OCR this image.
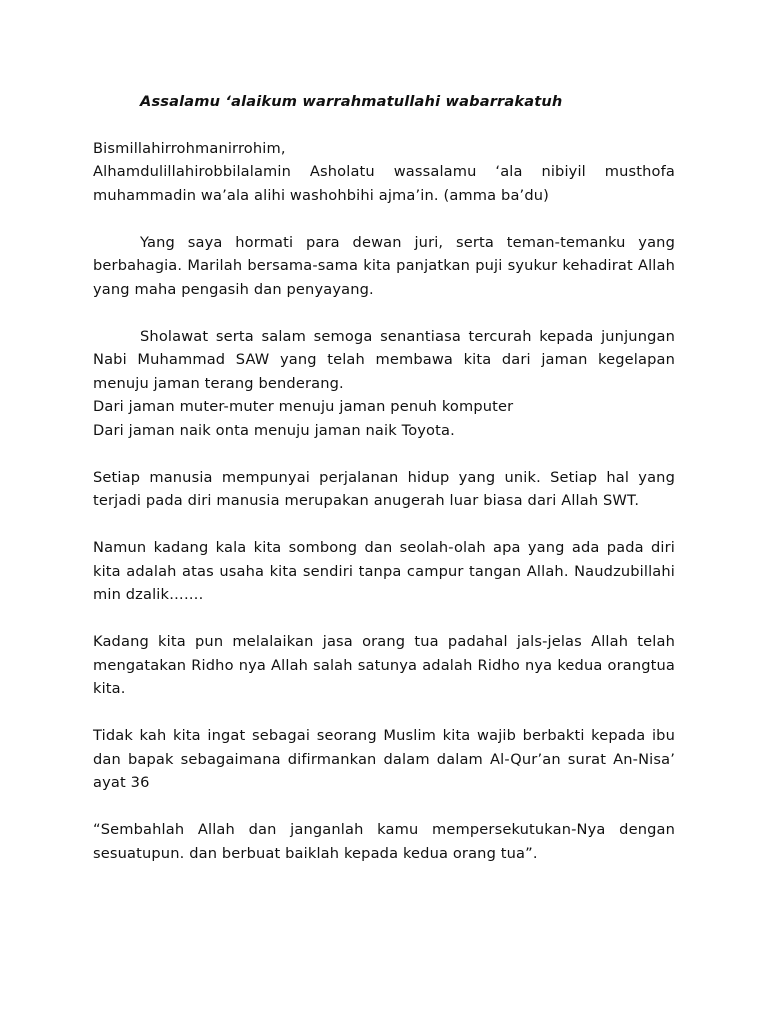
Assalamu ‘alaikum warrahmatullahi wabarrakatuh

Bismillahirrohmanirrohim,

Alhamdulillahirobbilalamin Asholatu wassalamu ‘ala nibiyil musthofa muhammadin wa’ala alihi washohbihi ajma’in. (amma ba’du)

Yang saya hormati para dewan juri, serta teman-temanku yang berbahagia. Marilah bersama-sama kita panjatkan puji syukur kehadirat Allah yang maha pengasih dan penyayang.

Sholawat serta salam semoga senantiasa tercurah kepada junjungan Nabi Muhammad SAW yang telah membawa kita dari jaman kegelapan menuju jaman terang benderang.

Dari jaman muter-muter menuju jaman penuh komputer

Dari jaman naik onta menuju jaman naik Toyota.

Setiap manusia mempunyai perjalanan hidup yang unik. Setiap hal yang terjadi pada diri manusia merupakan anugerah luar biasa dari Allah SWT.

Namun kadang kala kita sombong dan seolah-olah apa yang ada pada diri kita adalah atas usaha kita sendiri tanpa campur tangan Allah. Naudzubillahi min dzalik…….

Kadang kita pun melalaikan jasa orang tua padahal jals-jelas Allah telah mengatakan Ridho nya Allah salah satunya adalah Ridho nya kedua orangtua kita.

Tidak kah kita ingat sebagai seorang Muslim kita wajib berbakti kepada ibu dan bapak sebagaimana difirmankan dalam dalam Al-Qur’an surat An-Nisa’ ayat 36

“Sembahlah Allah dan janganlah kamu mempersekutukan-Nya dengan sesuatupun. dan berbuat baiklah kepada kedua orang tua”.
